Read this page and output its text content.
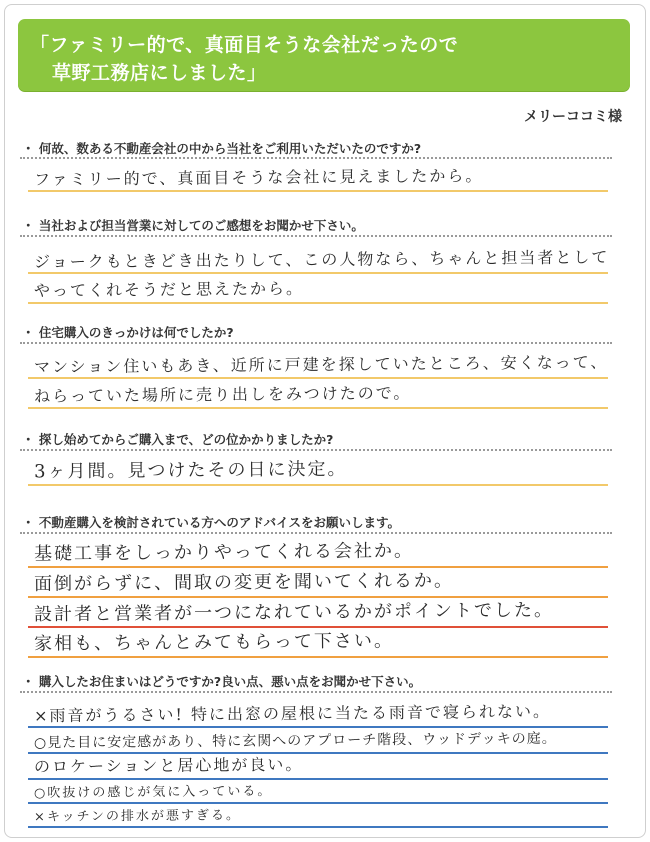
「ファミリー的で、真面目そうな会社だったので
草野工務店にしました」
メリーココミ様
・ 何故、数ある不動産会社の中から当社をご利用いただいたのですか?
ファミリー的で、真面目そうな会社に見えましたから。
・ 当社および担当営業に対してのご感想をお聞かせ下さい。
ジョークもときどき出たりして、この人物なら、ちゃんと担当者として
やってくれそうだと思えたから。
・ 住宅購入のきっかけは何でしたか?
マンション住いもあき、近所に戸建を探していたところ、安くなって、
ねらっていた場所に売り出しをみつけたので。
・ 探し始めてからご購入まで、どの位かかりましたか?
3ヶ月間。見つけたその日に決定。
・ 不動産購入を検討されている方へのアドバイスをお願いします。
基礎工事をしっかりやってくれる会社か。
面倒がらずに、間取の変更を聞いてくれるか。
設計者と営業者が一つになれているかがポイントでした。
家相も、ちゃんとみてもらって下さい。
・ 購入したお住まいはどうですか?良い点、悪い点をお聞かせ下さい。
×雨音がうるさい! 特に出窓の屋根に当たる雨音で寝られない。
○見た目に安定感があり、特に玄関へのアプローチ階段、ウッドデッキの庭。
のロケーションと居心地が良い。
○吹抜けの感じが気に入っている。
×キッチンの排水が悪すぎる。
